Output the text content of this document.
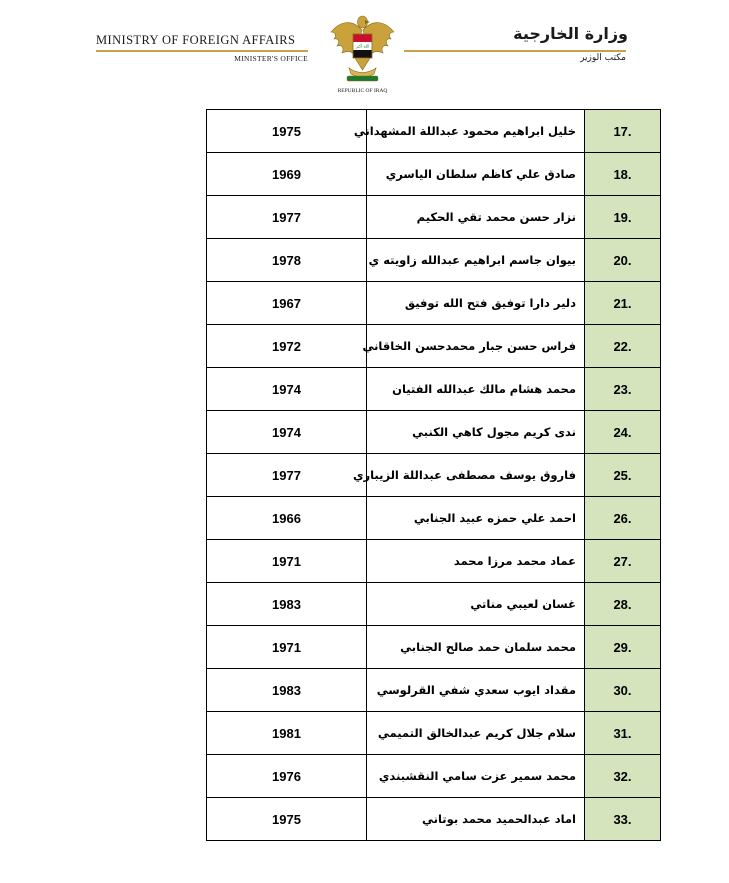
MINISTRY OF FOREIGN AFFAIRS
MINISTER'S OFFICE
الله أكبر
REPUBLIC OF IRAQ
وزارة الخارجية
مكتب الوزير
1975	خليل ابراهيم محمود عبداللة المشهداني	17.
1969	صادق علي كاظم سلطان الياسري	18.
1977	نزار حسن محمد تقي الحكيم	19.
1978	بيوان جاسم ابراهيم عبدالله زاويته ي	20.
1967	دلير دارا توفيق فتح الله توفيق	21.
1972	فراس حسن جبار محمدحسن الخاقاني	22.
1974	محمد هشام مالك عبدالله الفتيان	23.
1974	ندى كريم مجول كاهي الكنبي	24.
1977	فاروق يوسف مصطفى عبداللة الزيباري	25.
1966	احمد علي حمزه عبيد الجنابي	26.
1971	عماد محمد مرزا محمد	27.
1983	غسان لعيبي مناتي	28.
1971	محمد سلمان حمد صالح الجنابي	29.
1983	مقداد ايوب سعدي شفي القرلوسي	30.
1981	سلام جلال كريم عبدالخالق التميمي	31.
1976	محمد سمير عزت سامي النقشبندي	32.
1975	اماد عبدالحميد محمد بوتاني	33.
